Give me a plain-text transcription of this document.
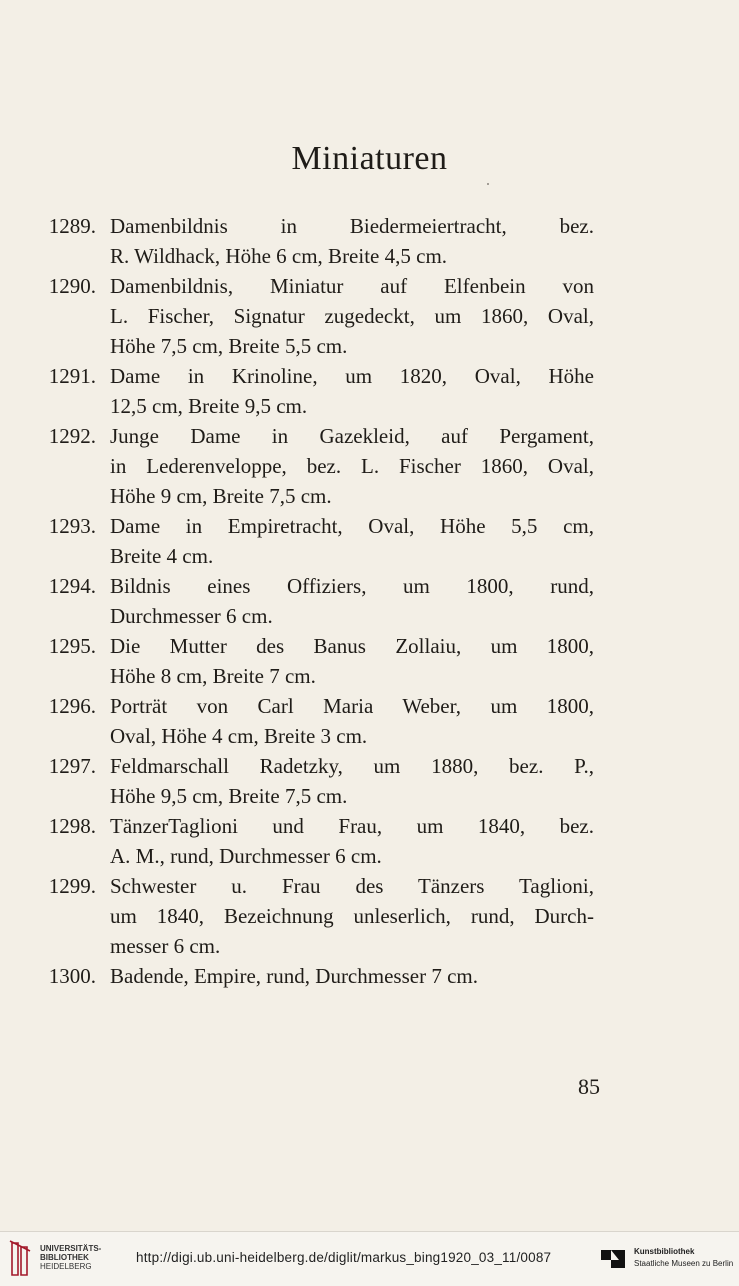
Miniaturen
1289. Damenbildnis in Biedermeiertracht, bez.
R. Wildhack, Höhe 6 cm, Breite 4,5 cm.
1290. Damenbildnis, Miniatur auf Elfenbein von
L. Fischer, Signatur zugedeckt, um 1860, Oval,
Höhe 7,5 cm, Breite 5,5 cm.
1291. Dame in Krinoline, um 1820, Oval, Höhe
12,5 cm, Breite 9,5 cm.
1292. Junge Dame in Gazekleid, auf Pergament,
in Lederenveloppe, bez. L. Fischer 1860, Oval,
Höhe 9 cm, Breite 7,5 cm.
1293. Dame in Empiretracht, Oval, Höhe 5,5 cm,
Breite 4 cm.
1294. Bildnis eines Offiziers, um 1800, rund,
Durchmesser 6 cm.
1295. Die Mutter des Banus Zollaiu, um 1800,
Höhe 8 cm, Breite 7 cm.
1296. Porträt von Carl Maria Weber, um 1800,
Oval, Höhe 4 cm, Breite 3 cm.
1297. Feldmarschall Radetzky, um 1880, bez. P.,
Höhe 9,5 cm, Breite 7,5 cm.
1298. TänzerTaglioni und Frau, um 1840, bez.
A. M., rund, Durchmesser 6 cm.
1299. Schwester u. Frau des Tänzers Taglioni,
um 1840, Bezeichnung unleserlich, rund, Durch-
messer 6 cm.
1300. Badende, Empire, rund, Durchmesser 7 cm.
85
UNIVERSITÄTS-
BIBLIOTHEK
HEIDELBERG
http://digi.ub.uni-heidelberg.de/diglit/markus_bing1920_03_11/0087	Kunstbibliothek
Staatliche Museen zu Berlin
